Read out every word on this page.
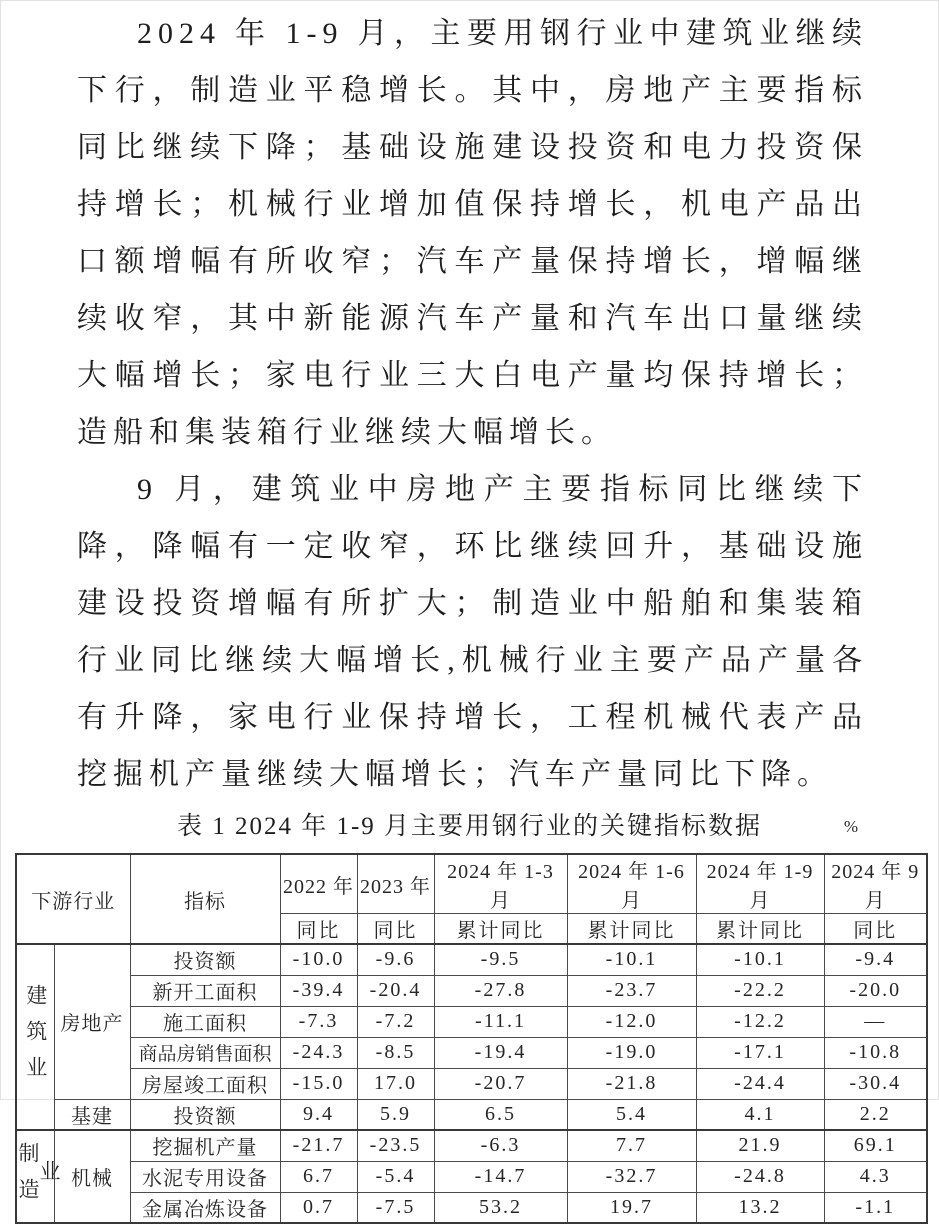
2024 年 1-9 月，主要用钢行业中建筑业继续下行，制造业平稳增长。其中，房地产主要指标同比继续下降；基础设施建设投资和电力投资保持增长；机械行业增加值保持增长，机电产品出口额增幅有所收窄；汽车产量保持增长，增幅继续收窄，其中新能源汽车产量和汽车出口量继续大幅增长；家电行业三大白电产量均保持增长；造船和集装箱行业继续大幅增长。

9 月，建筑业中房地产主要指标同比继续下降，降幅有一定收窄，环比继续回升，基础设施建设投资增幅有所扩大；制造业中船舶和集装箱行业同比继续大幅增长,机械行业主要产品产量各有升降，家电行业保持增长，工程机械代表产品挖掘机产量继续大幅增长；汽车产量同比下降。

表 1 2024 年 1-9 月主要用钢行业的关键指标数据	%
下游行业		指标	2022 年	2023 年	2024 年 1-3 月	2024 年 1-6 月	2024 年 1-9 月	2024 年 9 月
			同比	同比	累计同比	累计同比	累计同比	同比
建筑业	房地产	投资额	-10.0	-9.6	-9.5	-10.1	-10.1	-9.4
		新开工面积	-39.4	-20.4	-27.8	-23.7	-22.2	-20.0
		施工面积	-7.3	-7.2	-11.1	-12.0	-12.2	—
		商品房销售面积	-24.3	-8.5	-19.4	-19.0	-17.1	-10.8
		房屋竣工面积	-15.0	17.0	-20.7	-21.8	-24.4	-30.4
	基建	投资额	9.4	5.9	6.5	5.4	4.1	2.2
制造业	机械	挖掘机产量	-21.7	-23.5	-6.3	7.7	21.9	69.1
		水泥专用设备	6.7	-5.4	-14.7	-32.7	-24.8	4.3
		金属冶炼设备	0.7	-7.5	53.2	19.7	13.2	-1.1
